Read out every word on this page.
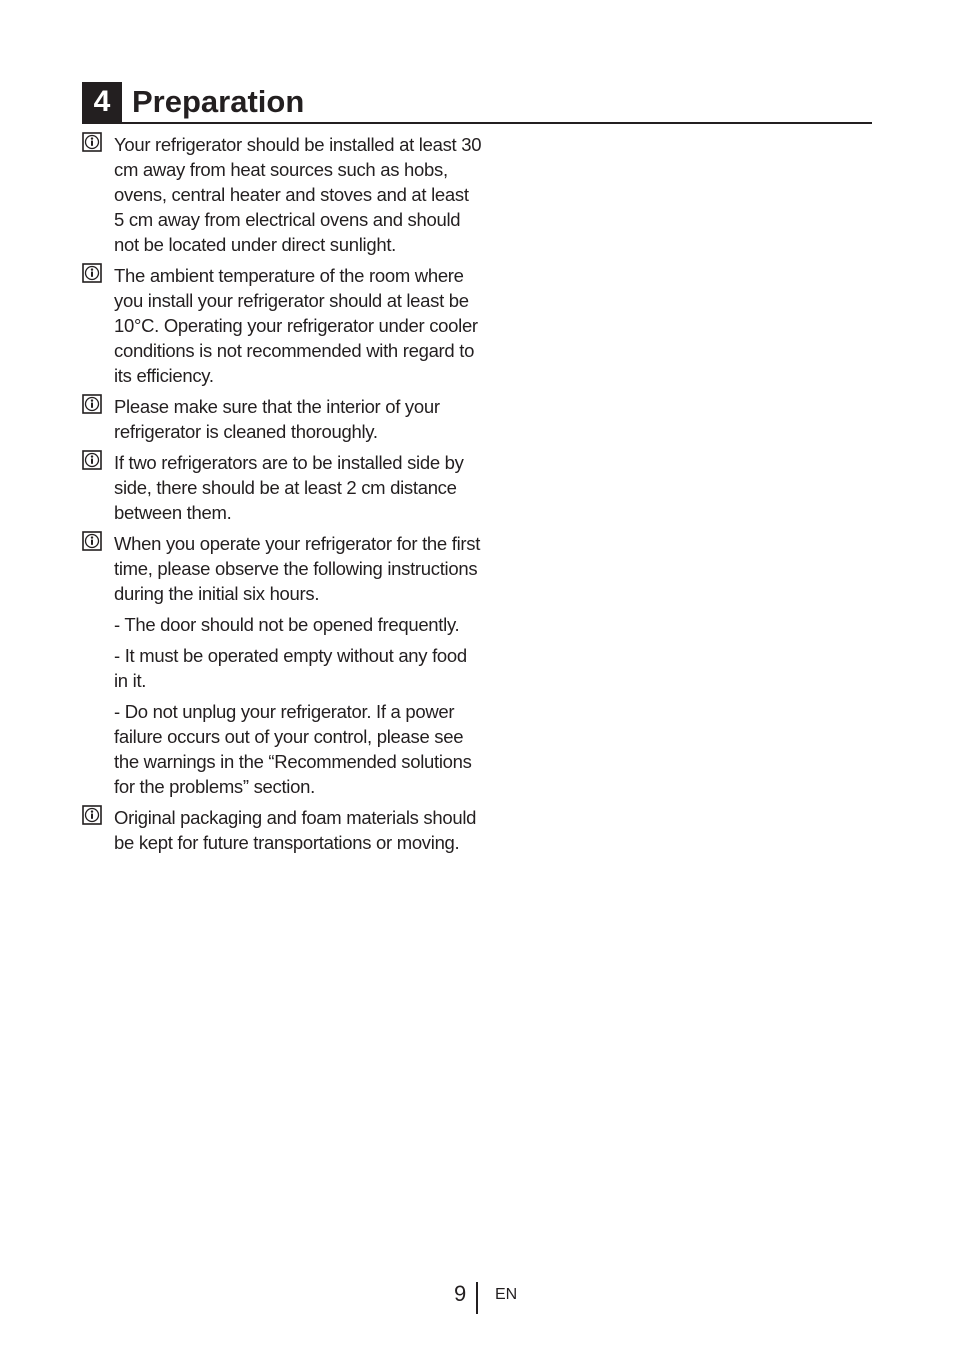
4 Preparation

Your refrigerator should be installed at least 30 cm away from heat sources such as hobs, ovens, central heater and stoves and at least 5 cm away from electrical ovens and should not be located under direct sunlight.

The ambient temperature of the room where you install your refrigerator should at least be 10°C. Operating your refrigerator under cooler conditions is not recommended with regard to its efficiency.

Please make sure that the interior of your refrigerator is cleaned thoroughly.

If two refrigerators are to be installed side by side, there should be at least 2 cm distance between them.

When you operate your refrigerator for the first time, please observe the following instructions during the initial six hours.

- The door should not be opened frequently.

- It must be operated empty without any food in it.

- Do not unplug your refrigerator. If a power failure occurs out of your control, please see the warnings in the “Recommended solutions for the problems” section.

Original packaging and foam materials should be kept for future transportations or moving.

9 EN
